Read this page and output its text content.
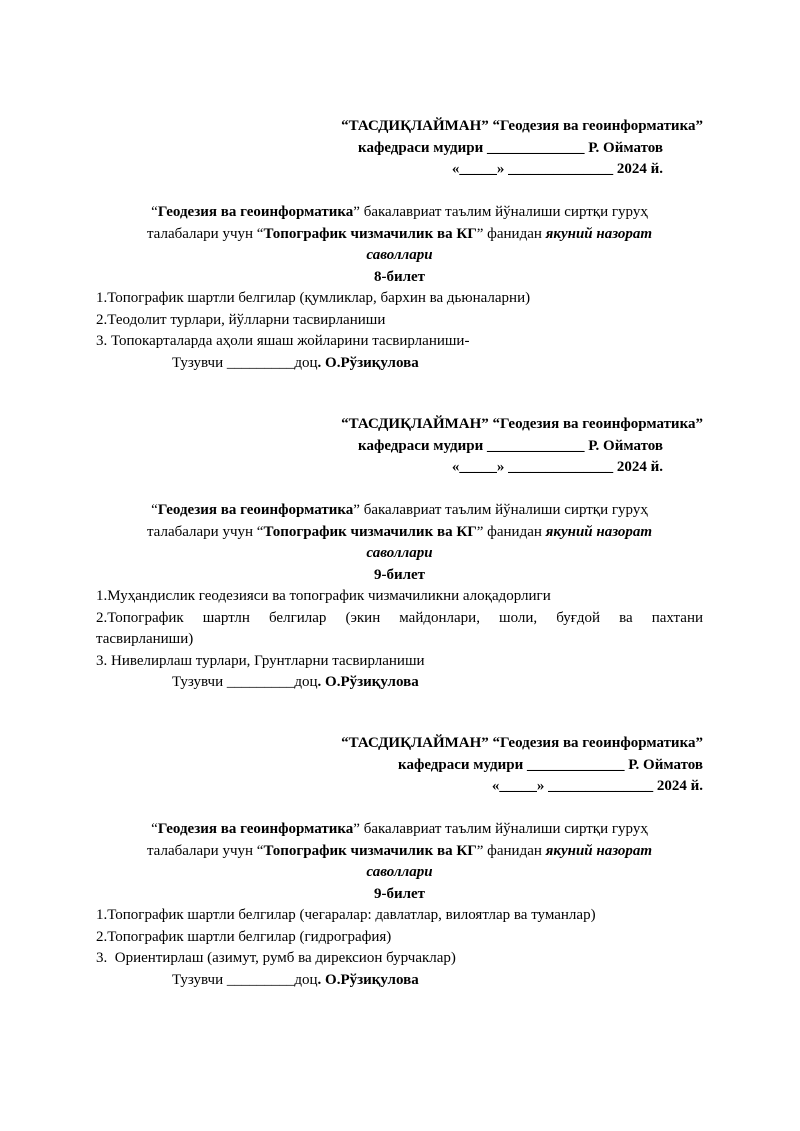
“ТАСДИҚЛАЙМАН” “Геодезия ва геоинформатика”
кафедраси мудири _____________ Р. Ойматов
«_____» ______________ 2024 й.
“Геодезия ва геоинформатика” бакалавриат таълим йўналиши сиртқи гуруҳ
талабалари учун “Топографик чизмачилик ва КГ” фанидан якуний назорат
саволлари
8-билет
1.Топографик шартли белгилар (қумликлар, бархин ва дьюналарни)
2.Теодолит турлари, йўлларни тасвирланиши
3. Топокарталарда аҳоли яшаш жойларини тасвирланиши-
Тузувчи _________доц. О.Рўзиқулова
“ТАСДИҚЛАЙМАН” “Геодезия ва геоинформатика”
кафедраси мудири _____________ Р. Ойматов
«_____» ______________ 2024 й.
“Геодезия ва геоинформатика” бакалавриат таълим йўналиши сиртқи гуруҳ
талабалари учун “Топографик чизмачилик ва КГ” фанидан якуний назорат
саволлари
9-билет
1.Муҳандислик геодезияси ва топографик чизмачиликни алоқадорлиги
2.Топографик шартлн белгилар (экин майдонлари, шоли, буғдой ва пахтани
тасвирланиши)
3. Нивелирлаш турлари, Грунтларни тасвирланиши
Тузувчи _________доц. О.Рўзиқулова
“ТАСДИҚЛАЙМАН” “Геодезия ва геоинформатика”
кафедраси мудири _____________ Р. Ойматов
«_____» ______________ 2024 й.
“Геодезия ва геоинформатика” бакалавриат таълим йўналиши сиртқи гуруҳ
талабалари учун “Топографик чизмачилик ва КГ” фанидан якуний назорат
саволлари
9-билет
1.Топографик шартли белгилар (чегаралар: давлатлар, вилоятлар ва туманлар)
2.Топографик шартли белгилар (гидрография)
3.  Ориентирлаш (азимут, румб ва дирексион бурчаклар)
Тузувчи _________доц. О.Рўзиқулова
